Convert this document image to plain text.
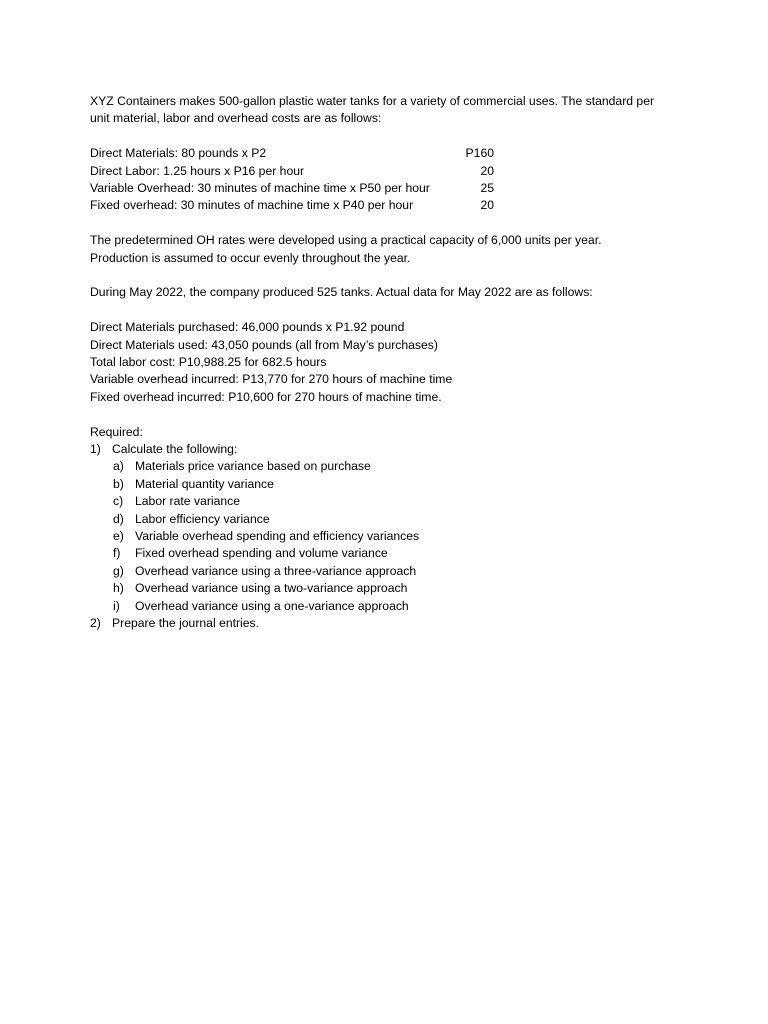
XYZ Containers makes 500-gallon plastic water tanks for a variety of commercial uses. The standard per
unit material, labor and overhead costs are as follows:
Direct Materials: 80 pounds x P2	P160
Direct Labor: 1.25 hours x P16 per hour	20
Variable Overhead: 30 minutes of machine time x P50 per hour	25
Fixed overhead: 30 minutes of machine time x P40 per hour	20
The predetermined OH rates were developed using a practical capacity of 6,000 units per year.
Production is assumed to occur evenly throughout the year.
During May 2022, the company produced 525 tanks. Actual data for May 2022 are as follows:
Direct Materials purchased: 46,000 pounds x P1.92 pound
Direct Materials used: 43,050 pounds (all from May’s purchases)
Total labor cost: P10,988.25 for 682.5 hours
Variable overhead incurred: P13,770 for 270 hours of machine time
Fixed overhead incurred: P10,600 for 270 hours of machine time.
Required:
1) Calculate the following:
a) Materials price variance based on purchase
b) Material quantity variance
c) Labor rate variance
d) Labor efficiency variance
e) Variable overhead spending and efficiency variances
f) Fixed overhead spending and volume variance
g) Overhead variance using a three-variance approach
h) Overhead variance using a two-variance approach
i) Overhead variance using a one-variance approach
2) Prepare the journal entries.
